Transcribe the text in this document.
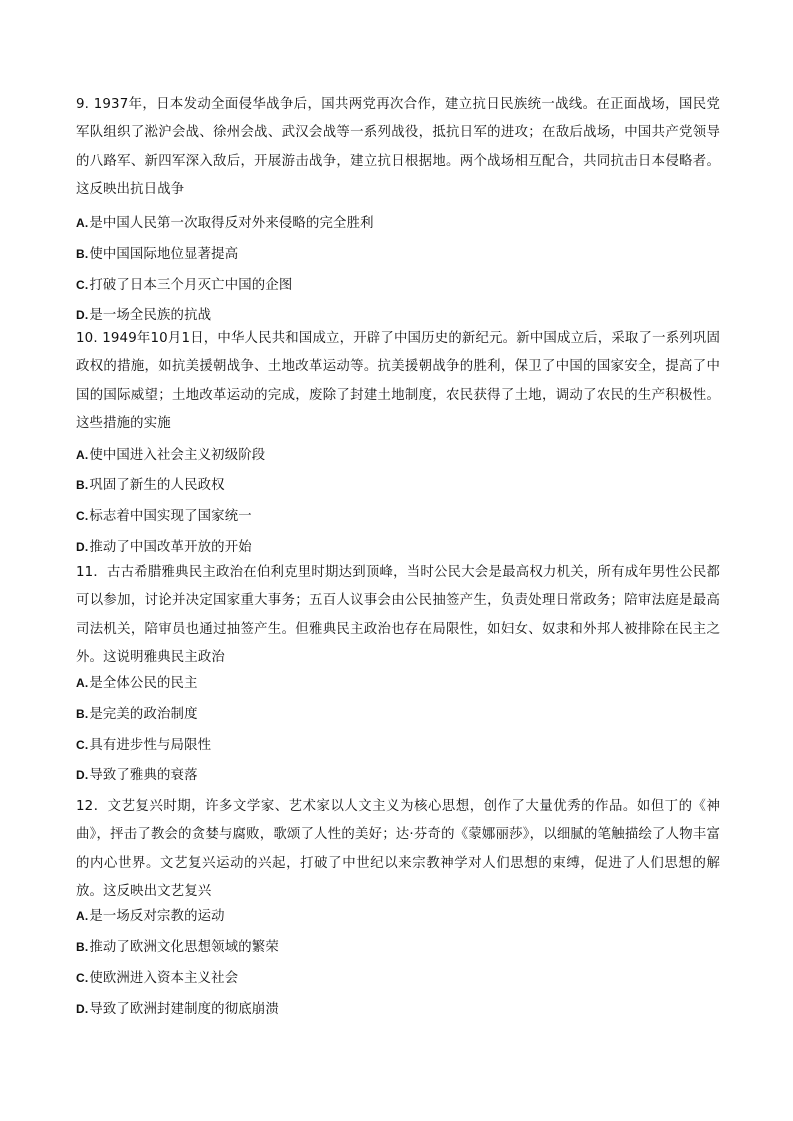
9. 1937年，日本发动全面侵华战争后，国共两党再次合作，建立抗日民族统一战线。在正面战场，国民党军队组织了淞沪会战、徐州会战、武汉会战等一系列战役，抵抗日军的进攻；在敌后战场，中国共产党领导的八路军、新四军深入敌后，开展游击战争，建立抗日根据地。两个战场相互配合，共同抗击日本侵略者。这反映出抗日战争

A.是中国人民第一次取得反对外来侵略的完全胜利
B.使中国国际地位显著提高
C.打破了日本三个月灭亡中国的企图
D.是一场全民族的抗战

10. 1949年10月1日，中华人民共和国成立，开辟了中国历史的新纪元。新中国成立后，采取了一系列巩固政权的措施，如抗美援朝战争、土地改革运动等。抗美援朝战争的胜利，保卫了中国的国家安全，提高了中国的国际威望；土地改革运动的完成，废除了封建土地制度，农民获得了土地，调动了农民的生产积极性。这些措施的实施

A.使中国进入社会主义初级阶段
B.巩固了新生的人民政权
C.标志着中国实现了国家统一
D.推动了中国改革开放的开始

11．古古希腊雅典民主政治在伯利克里时期达到顶峰，当时公民大会是最高权力机关，所有成年男性公民都可以参加，讨论并决定国家重大事务；五百人议事会由公民抽签产生，负责处理日常政务；陪审法庭是最高司法机关，陪审员也通过抽签产生。但雅典民主政治也存在局限性，如妇女、奴隶和外邦人被排除在民主之外。这说明雅典民主政治

A.是全体公民的民主
B.是完美的政治制度
C.具有进步性与局限性
D.导致了雅典的衰落

12．文艺复兴时期，许多文学家、艺术家以人文主义为核心思想，创作了大量优秀的作品。如但丁的《神曲》，抨击了教会的贪婪与腐败，歌颂了人性的美好；达·芬奇的《蒙娜丽莎》，以细腻的笔触描绘了人物丰富的内心世界。文艺复兴运动的兴起，打破了中世纪以来宗教神学对人们思想的束缚，促进了人们思想的解放。这反映出文艺复兴

A.是一场反对宗教的运动
B.推动了欧洲文化思想领域的繁荣
C.使欧洲进入资本主义社会
D.导致了欧洲封建制度的彻底崩溃
